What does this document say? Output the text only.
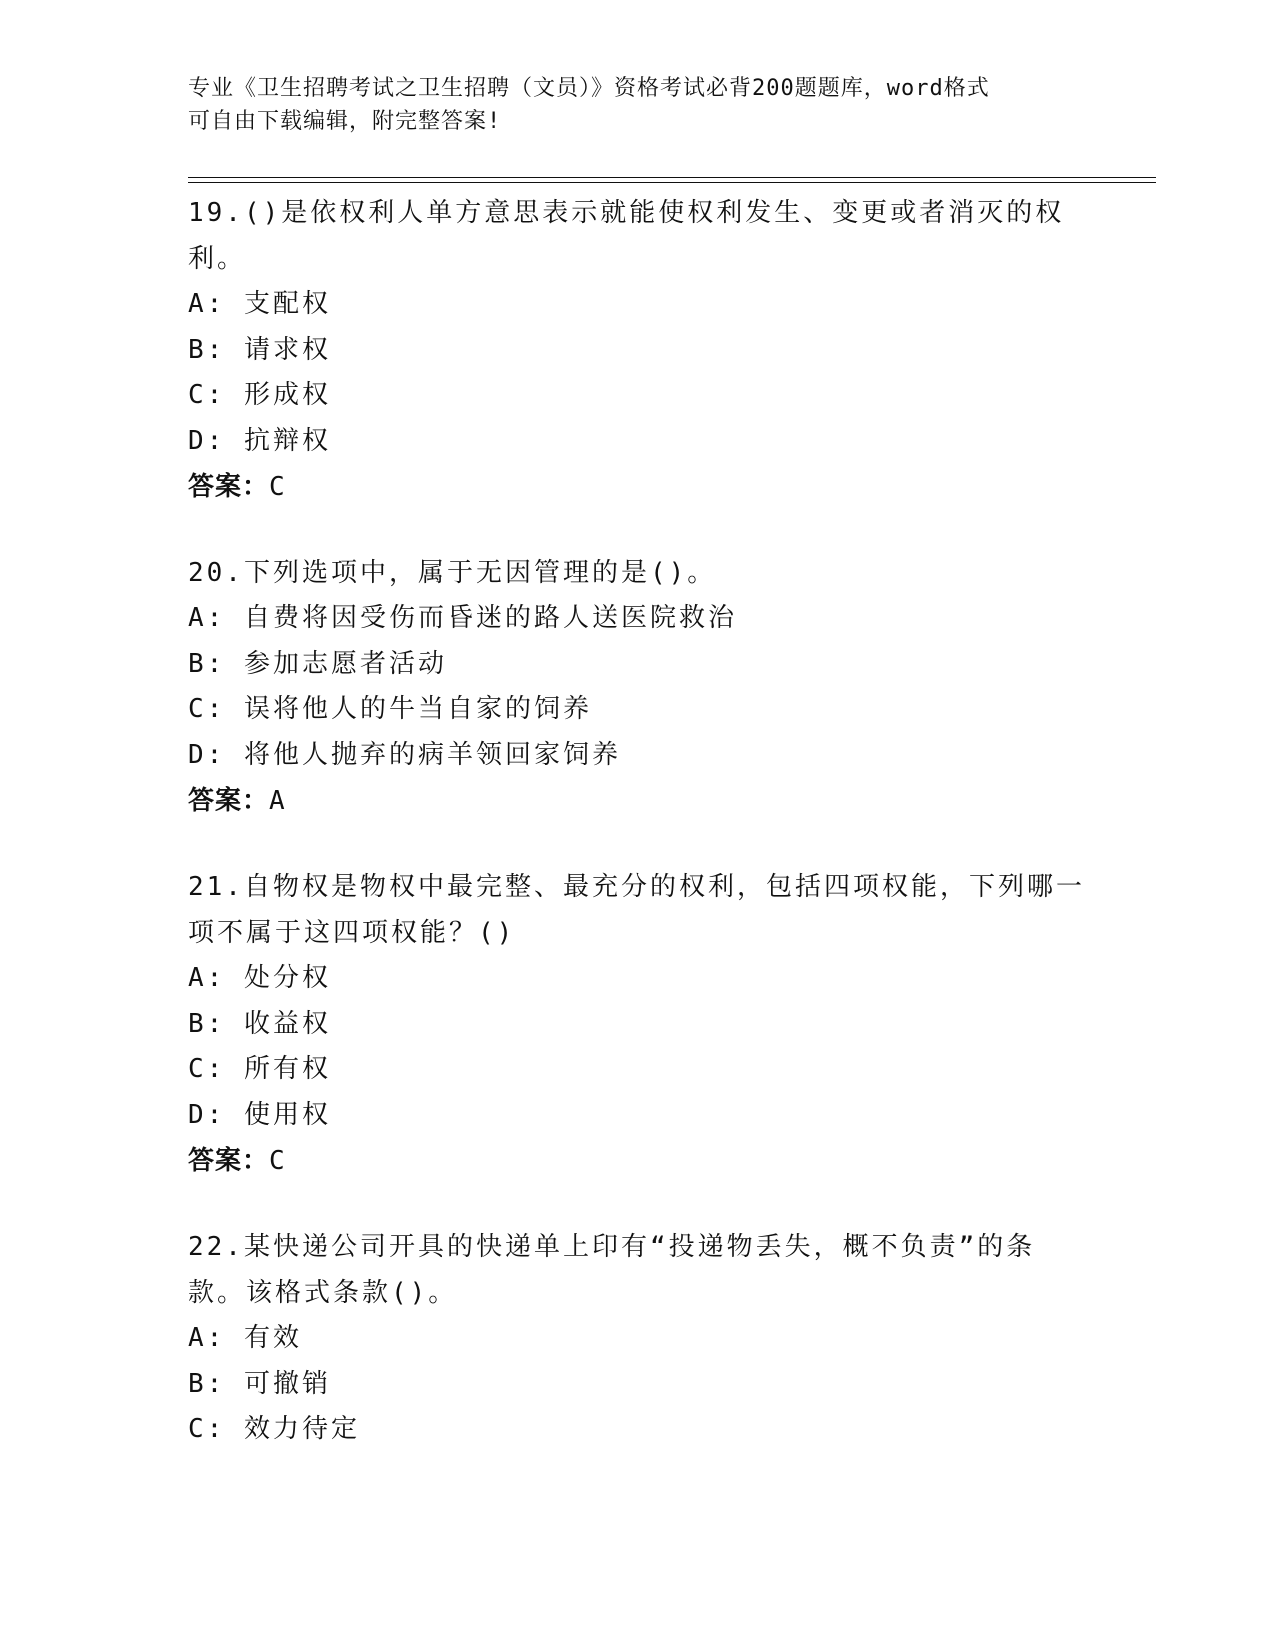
专业《卫生招聘考试之卫生招聘（文员）》资格考试必背200题题库，word格式
可自由下载编辑，附完整答案!
19.()是依权利人单方意思表示就能使权利发生、变更或者消灭的权利。
A: 支配权
B: 请求权
C: 形成权
D: 抗辩权
答案：C
20.下列选项中，属于无因管理的是()。
A: 自费将因受伤而昏迷的路人送医院救治
B: 参加志愿者活动
C: 误将他人的牛当自家的饲养
D: 将他人抛弃的病羊领回家饲养
答案：A
21.自物权是物权中最完整、最充分的权利，包括四项权能，下列哪一项不属于这四项权能？()
A: 处分权
B: 收益权
C: 所有权
D: 使用权
答案：C
22.某快递公司开具的快递单上印有“投递物丢失，概不负责”的条款。该格式条款()。
A: 有效
B: 可撤销
C: 效力待定
